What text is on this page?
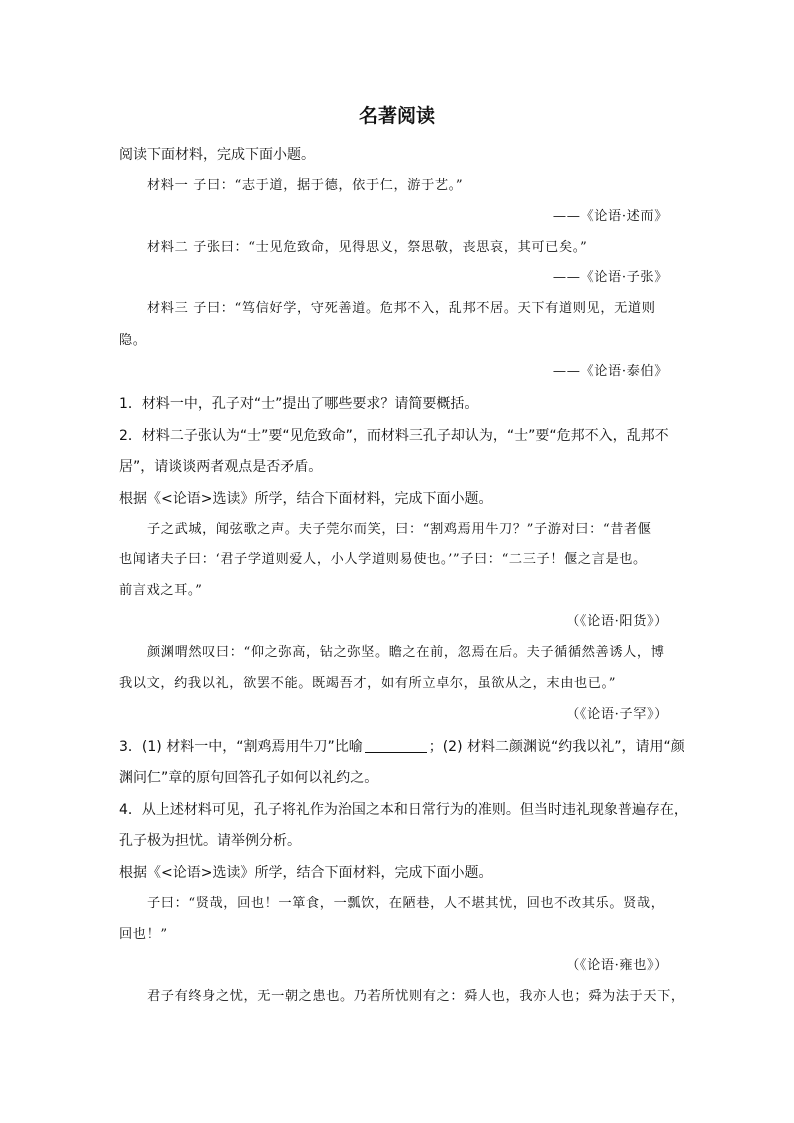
名著阅读
阅读下面材料，完成下面小题。
材料一 子曰：“志于道，据于德，依于仁，游于艺。”
——《论语·述而》
材料二 子张曰：“士见危致命，见得思义，祭思敬，丧思哀，其可已矣。”
——《论语·子张》
材料三 子曰：“笃信好学，守死善道。危邦不入，乱邦不居。天下有道则见，无道则
隐。
——《论语·泰伯》
1．材料一中，孔子对“士”提出了哪些要求？请简要概括。
2．材料二子张认为“士”要“见危致命”，而材料三孔子却认为，“士”要“危邦不入，乱邦不
居”，请谈谈两者观点是否矛盾。
根据《<论语>选读》所学，结合下面材料，完成下面小题。
子之武城，闻弦歌之声。夫子莞尔而笑，曰：“割鸡焉用牛刀？”子游对曰：“昔者偃
也闻诸夫子曰：‘君子学道则爱人，小人学道则易使也。’”子曰：“二三子！偃之言是也。
前言戏之耳。”
（《论语·阳货》）
颜渊喟然叹曰：“仰之弥高，钻之弥坚。瞻之在前，忽焉在后。夫子循循然善诱人，博
我以文，约我以礼，欲罢不能。既竭吾才，如有所立卓尔，虽欲从之，末由也已。”
（《论语·子罕》）
3．(1) 材料一中，“割鸡焉用牛刀”比喻	；(2) 材料二颜渊说“约我以礼”，请用“颜
渊问仁”章的原句回答孔子如何以礼约之。
4．从上述材料可见，孔子将礼作为治国之本和日常行为的准则。但当时违礼现象普遍存在，
孔子极为担忧。请举例分析。
根据《<论语>选读》所学，结合下面材料，完成下面小题。
子曰：“贤哉，回也！一箪食，一瓢饮，在陋巷，人不堪其忧，回也不改其乐。贤哉，
回也！”
（《论语·雍也》）
君子有终身之忧，无一朝之患也。乃若所忧则有之：舜人也，我亦人也；舜为法于天下，
